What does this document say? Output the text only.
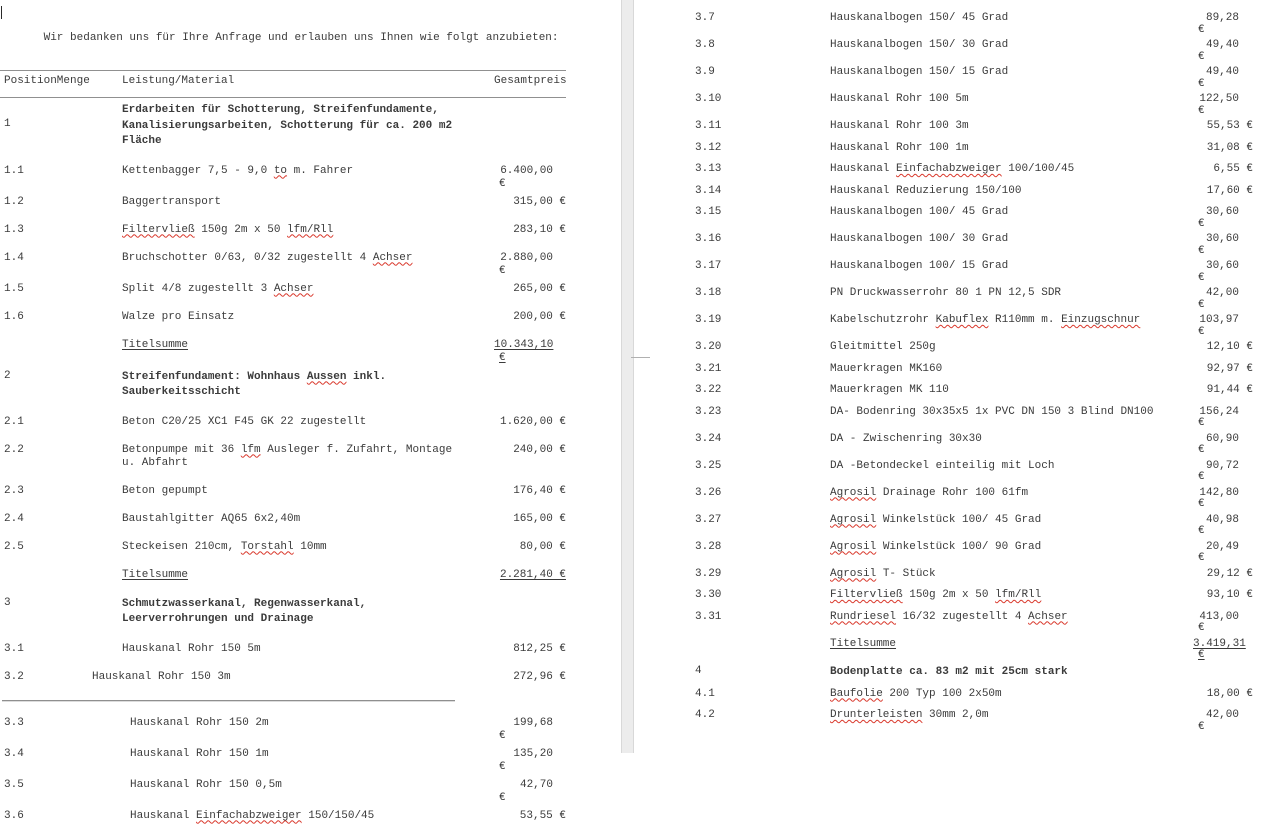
Wir bedanken uns für Ihre Anfrage und erlauben uns Ihnen wie folgt anzubieten:

PositionMenge	Leistung/Material	Gesamtpreis
1
Erdarbeiten für Schotterung, Streifenfundamente,
Kanalisierungsarbeiten, Schotterung für ca. 200 m2
Fläche
1.1	Kettenbagger 7,5 - 9,0 to m. Fahrer	6.400,00
€
1.2	Baggertransport	315,00 €
1.3	Filtervließ 150g 2m x 50 lfm/Rll	283,10 €
1.4	Bruchschotter 0/63, 0/32 zugestellt 4 Achser	2.880,00
€
1.5	Split 4/8 zugestellt 3 Achser	265,00 €
1.6	Walze pro Einsatz	200,00 €
Titelsumme	10.343,10
€
2	Streifenfundament: Wohnhaus Aussen inkl.
Sauberkeitsschicht
2.1	Beton C20/25 XC1 F45 GK 22 zugestellt	1.620,00 €
2.2	Betonpumpe mit 36 lfm Ausleger f. Zufahrt, Montage
u. Abfahrt
240,00 €
2.3	Beton gepumpt	176,40 €
2.4	Baustahlgitter AQ65 6x2,40m	165,00 €
2.5	Steckeisen 210cm, Torstahl 10mm	80,00 €
Titelsumme	2.281,40 €
3	Schmutzwasserkanal, Regenwasserkanal,
Leerverrohrungen und Drainage
3.1	Hauskanal Rohr 150 5m	812,25 €
3.2	Hauskanal Rohr 150 3m	272,96 €
3.3	Hauskanal Rohr 150 2m	199,68
€
3.4	Hauskanal Rohr 150 1m	135,20
€
3.5	Hauskanal Rohr 150 0,5m	42,70
€
3.6	Hauskanal Einfachabzweiger 150/150/45	53,55 €
3.7	Hauskanalbogen 150/ 45 Grad	89,28
€
3.8	Hauskanalbogen 150/ 30 Grad	49,40
€
3.9	Hauskanalbogen 150/ 15 Grad	49,40
€
3.10	Hauskanal Rohr 100 5m	122,50
€
3.11	Hauskanal Rohr 100 3m	55,53 €
3.12	Hauskanal Rohr 100 1m	31,08 €
3.13	Hauskanal Einfachabzweiger 100/100/45	6,55 €
3.14	Hauskanal Reduzierung 150/100	17,60 €
3.15	Hauskanalbogen 100/ 45 Grad	30,60
€
3.16	Hauskanalbogen 100/ 30 Grad	30,60
€
3.17	Hauskanalbogen 100/ 15 Grad	30,60
€
3.18	PN Druckwasserrohr 80 1 PN 12,5 SDR	42,00
€
3.19	Kabelschutzrohr Kabuflex R110mm m. Einzugschnur	103,97
€
3.20	Gleitmittel 250g	12,10 €
3.21	Mauerkragen MK160	92,97 €
3.22	Mauerkragen MK 110	91,44 €
3.23	DA- Bodenring 30x35x5 1x PVC DN 150 3 Blind DN100	156,24
€
3.24	DA - Zwischenring 30x30	60,90
€
3.25	DA -Betondeckel einteilig mit Loch	90,72
€
3.26	Agrosil Drainage Rohr 100 61fm	142,80
€
3.27	Agrosil Winkelstück 100/ 45 Grad	40,98
€
3.28	Agrosil Winkelstück 100/ 90 Grad	20,49
€
3.29	Agrosil T- Stück	29,12 €
3.30	Filtervließ 150g 2m x 50 lfm/Rll	93,10 €
3.31	Rundriesel 16/32 zugestellt 4 Achser	413,00
€
Titelsumme	3.419,31
€
4	Bodenplatte ca. 83 m2 mit 25cm stark
4.1	Baufolie 200 Typ 100 2x50m	18,00 €
4.2	Drunterleisten 30mm 2,0m	42,00
€
